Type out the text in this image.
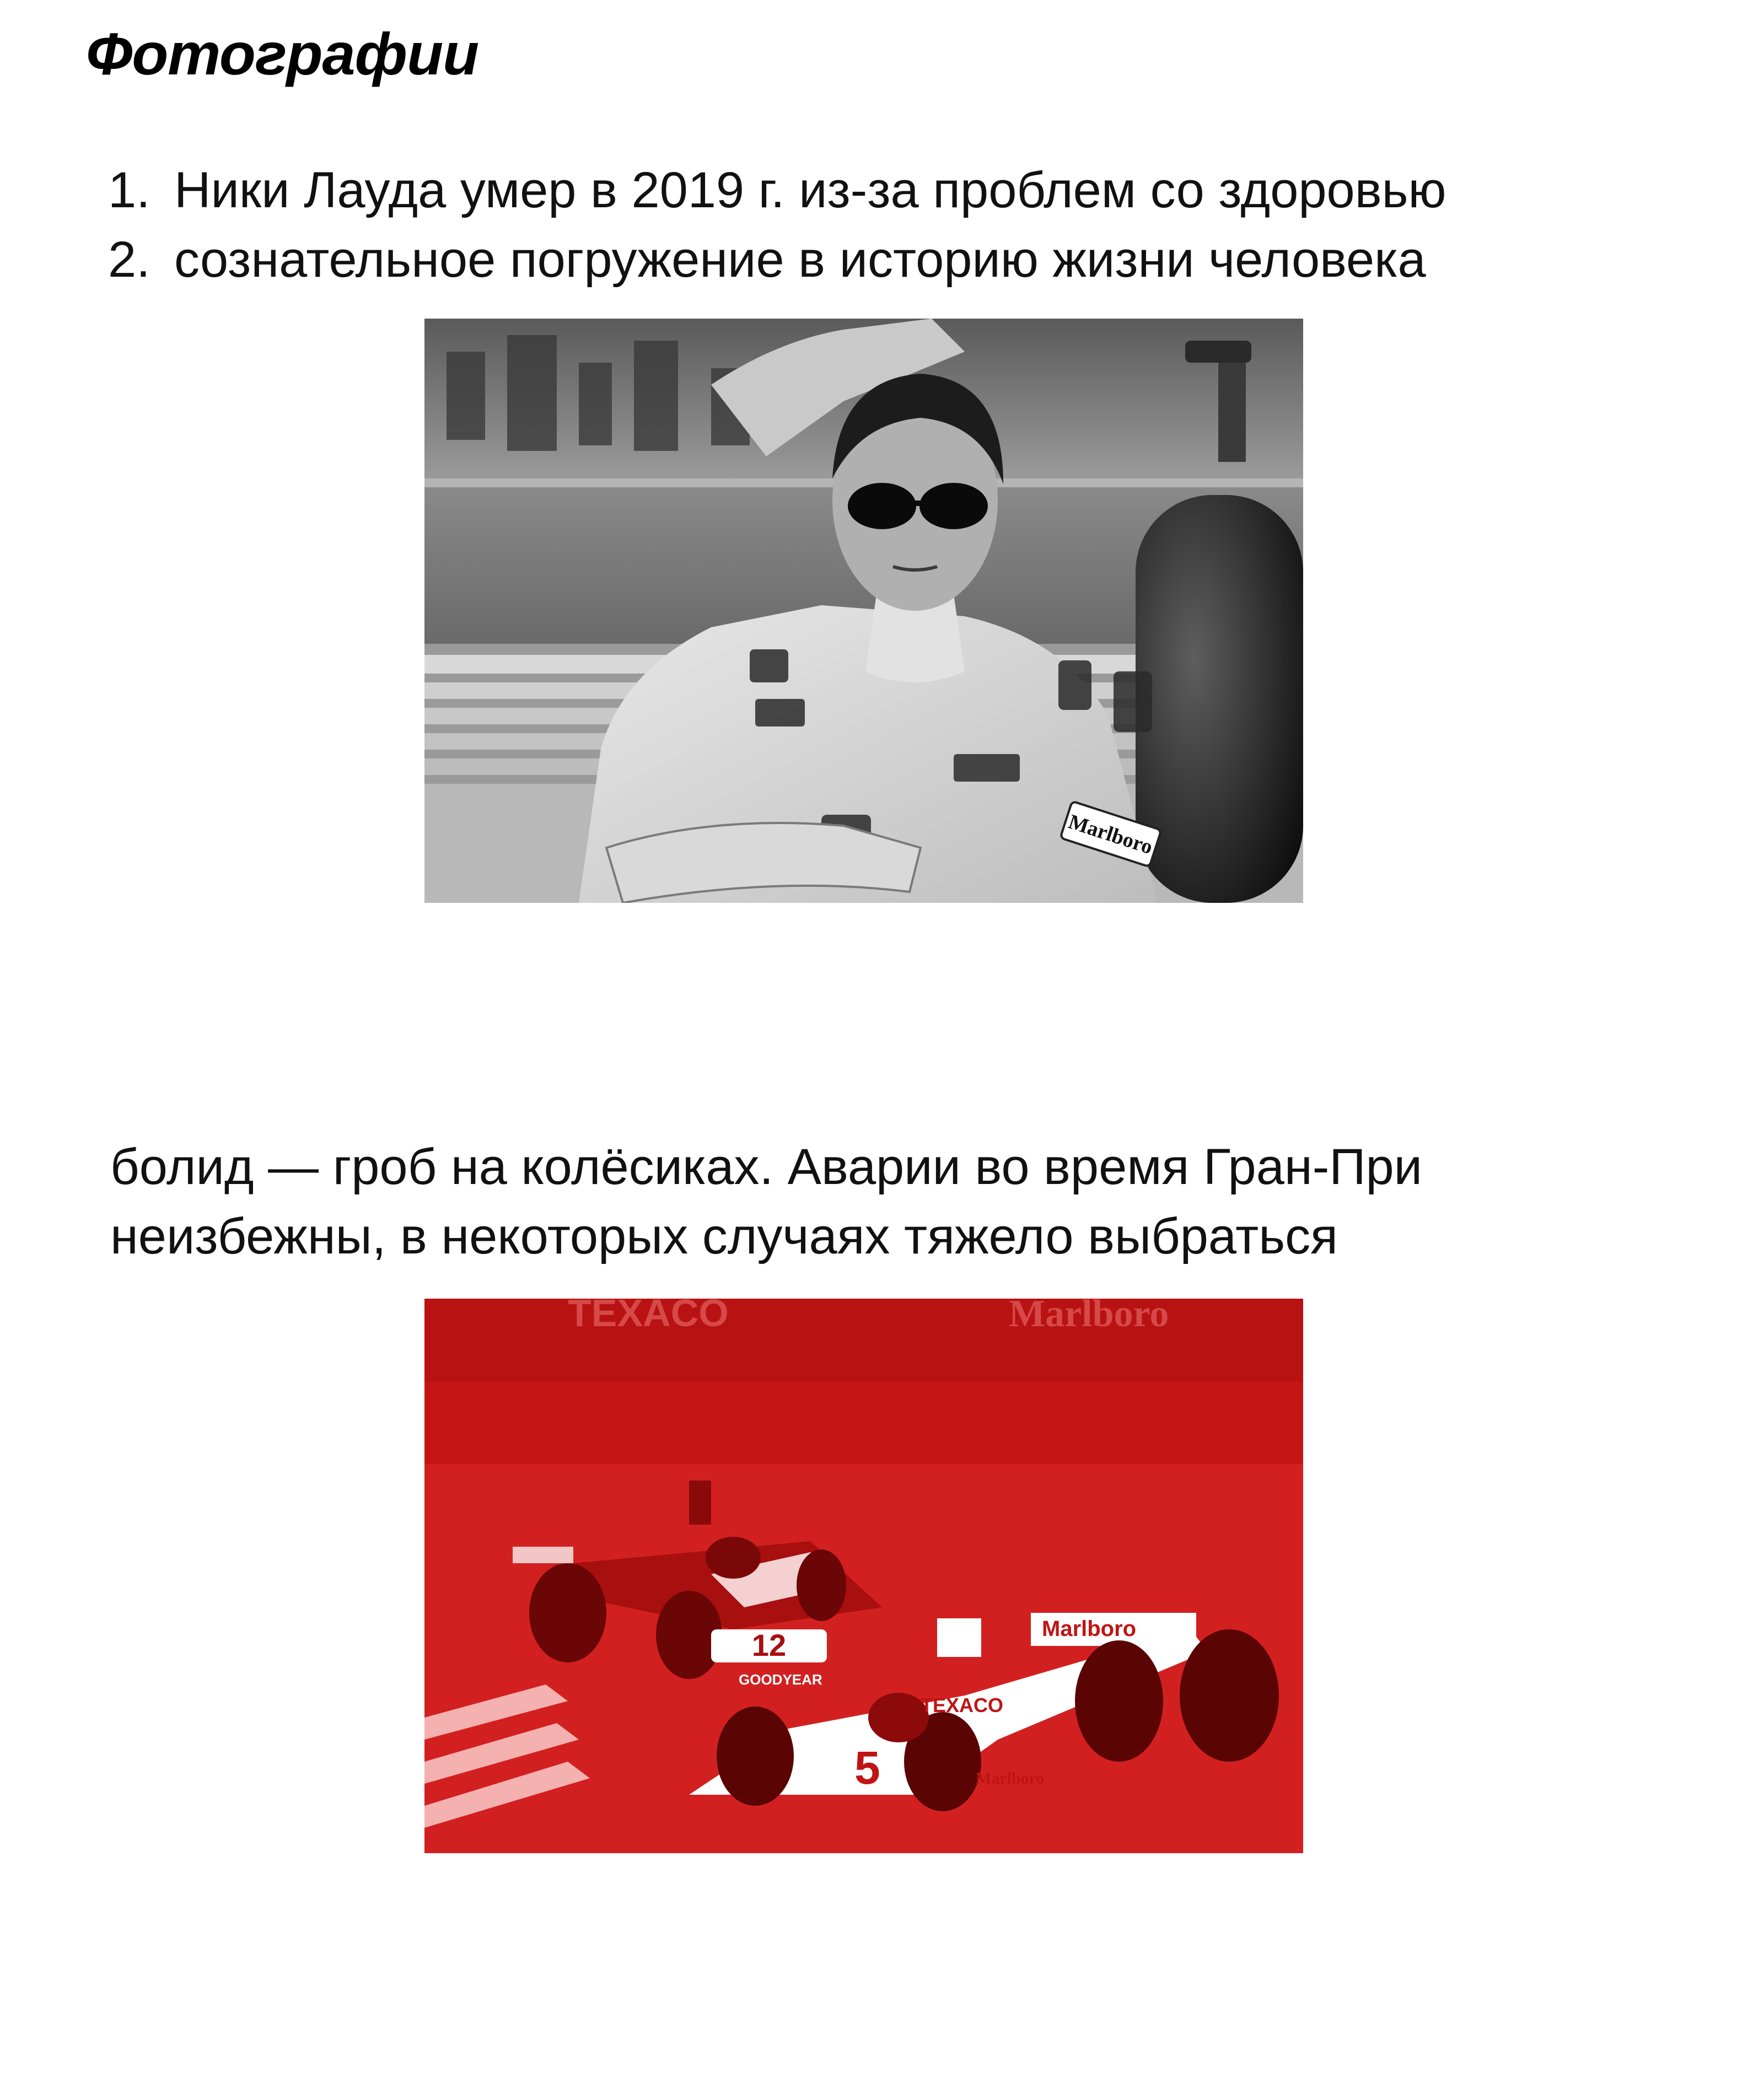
Фотографии
1. Ники Лауда умер в 2019 г. из-за проблем со здоровью
2. сознательное погружение в историю жизни человека
Marlboro

болид — гроб на колёсиках. Аварии во время Гран-При
неизбежны, в некоторых случаях тяжело выбраться

TEXACO	Marlboro
12
GOODYEAR
Marlboro
TEXACO
5	Marlboro
